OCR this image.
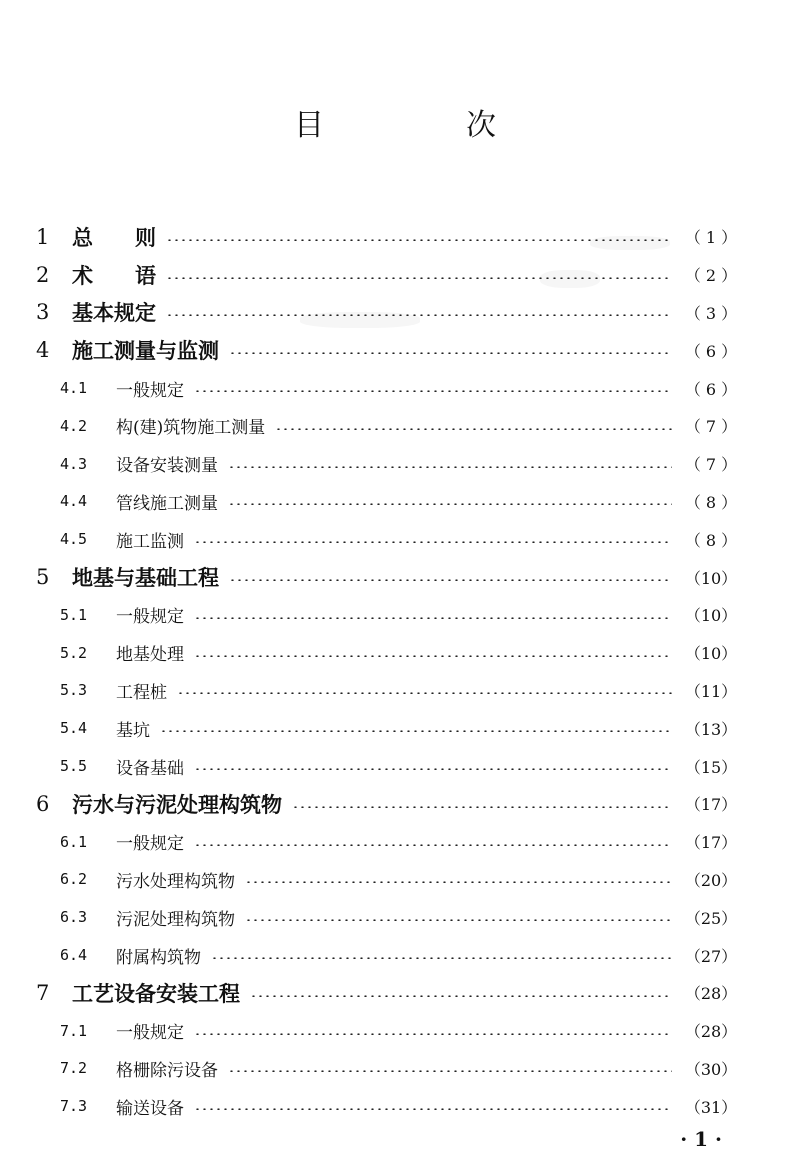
目　次
1	总　　则	（ 1 ）
2	术　　语	（ 2 ）
3	基本规定	（ 3 ）
4	施工测量与监测	（ 6 ）
4.1	一般规定	（ 6 ）
4.2	构(建)筑物施工测量	（ 7 ）
4.3	设备安装测量	（ 7 ）
4.4	管线施工测量	（ 8 ）
4.5	施工监测	（ 8 ）
5	地基与基础工程	（10）
5.1	一般规定	（10）
5.2	地基处理	（10）
5.3	工程桩	（11）
5.4	基坑	（13）
5.5	设备基础	（15）
6	污水与污泥处理构筑物	（17）
6.1	一般规定	（17）
6.2	污水处理构筑物	（20）
6.3	污泥处理构筑物	（25）
6.4	附属构筑物	（27）
7	工艺设备安装工程	（28）
7.1	一般规定	（28）
7.2	格栅除污设备	（30）
7.3	输送设备	（31）
· 1 ·
